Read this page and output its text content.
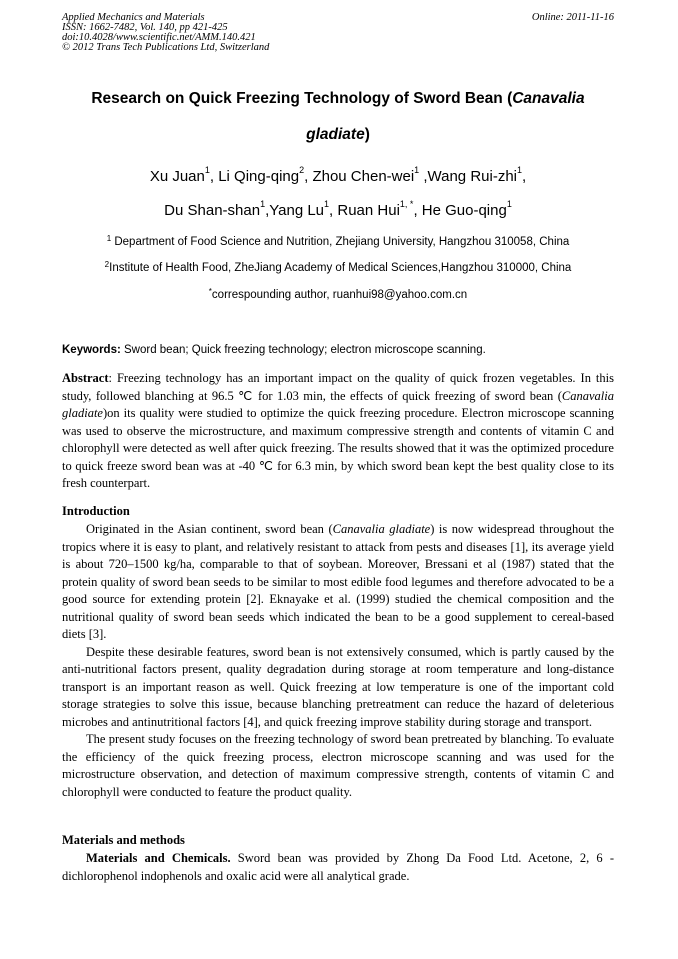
Applied Mechanics and Materials
ISSN: 1662-7482, Vol. 140, pp 421-425
doi:10.4028/www.scientific.net/AMM.140.421
© 2012 Trans Tech Publications Ltd, Switzerland
Online: 2011-11-16
Research on Quick Freezing Technology of Sword Bean (Canavalia
gladiate)
Xu Juan$^1$, Li Qing-qing$^2$, Zhou Chen-wei$^1$ ,Wang Rui-zhi$^1$,
Du Shan-shan$^1$,Yang Lu$^1$, Ruan Hui$^{1, *}$, He Guo-qing$^1$
$^1$ Department of Food Science and Nutrition, Zhejiang University, Hangzhou 310058, China
$^2$Institute of Health Food, ZheJiang Academy of Medical Sciences,Hangzhou 310000, China
*correspounding author, ruanhui98@yahoo.com.cn
Keywords: Sword bean; Quick freezing technology; electron microscope scanning.

Abstract: Freezing technology has an important impact on the quality of quick frozen vegetables. In this study, followed blanching at 96.5 ℃ for 1.03 min, the effects of quick freezing of sword bean (Canavalia gladiate)on its quality were studied to optimize the quick freezing procedure. Electron microscope scanning was used to observe the microstructure, and maximum compressive strength and contents of vitamin C and chlorophyll were detected as well after quick freezing. The results showed that it was the optimized procedure to quick freeze sword bean was at -40 ℃ for 6.3 min, by which sword bean kept the best quality close to its fresh counterpart.

Introduction

Originated in the Asian continent, sword bean (Canavalia gladiate) is now widespread throughout the tropics where it is easy to plant, and relatively resistant to attack from pests and diseases [1], its average yield is about 720–1500 kg/ha, comparable to that of soybean. Moreover, Bressani et al (1987) stated that the protein quality of sword bean seeds to be similar to most edible food legumes and therefore advocated to be a good source for extending protein [2]. Eknayake et al. (1999) studied the chemical composition and the nutritional quality of sword bean seeds which indicated the bean to be a good supplement to cereal-based diets [3].

Despite these desirable features, sword bean is not extensively consumed, which is partly caused by the anti-nutritional factors present, quality degradation during storage at room temperature and long-distance transport is an important reason as well. Quick freezing at low temperature is one of the important cold storage strategies to solve this issue, because blanching pretreatment can reduce the hazard of deleterious microbes and antinutritional factors [4], and quick freezing improve stability during storage and transport.

The present study focuses on the freezing technology of sword bean pretreated by blanching. To evaluate the efficiency of the quick freezing process, electron microscope scanning and was used for the microstructure observation, and detection of maximum compressive strength, contents of vitamin C and chlorophyll were conducted to feature the product quality.

Materials and methods

Materials and Chemicals. Sword bean was provided by Zhong Da Food Ltd. Acetone, 2, 6 -dichlorophenol indophenols and oxalic acid were all analytical grade.
